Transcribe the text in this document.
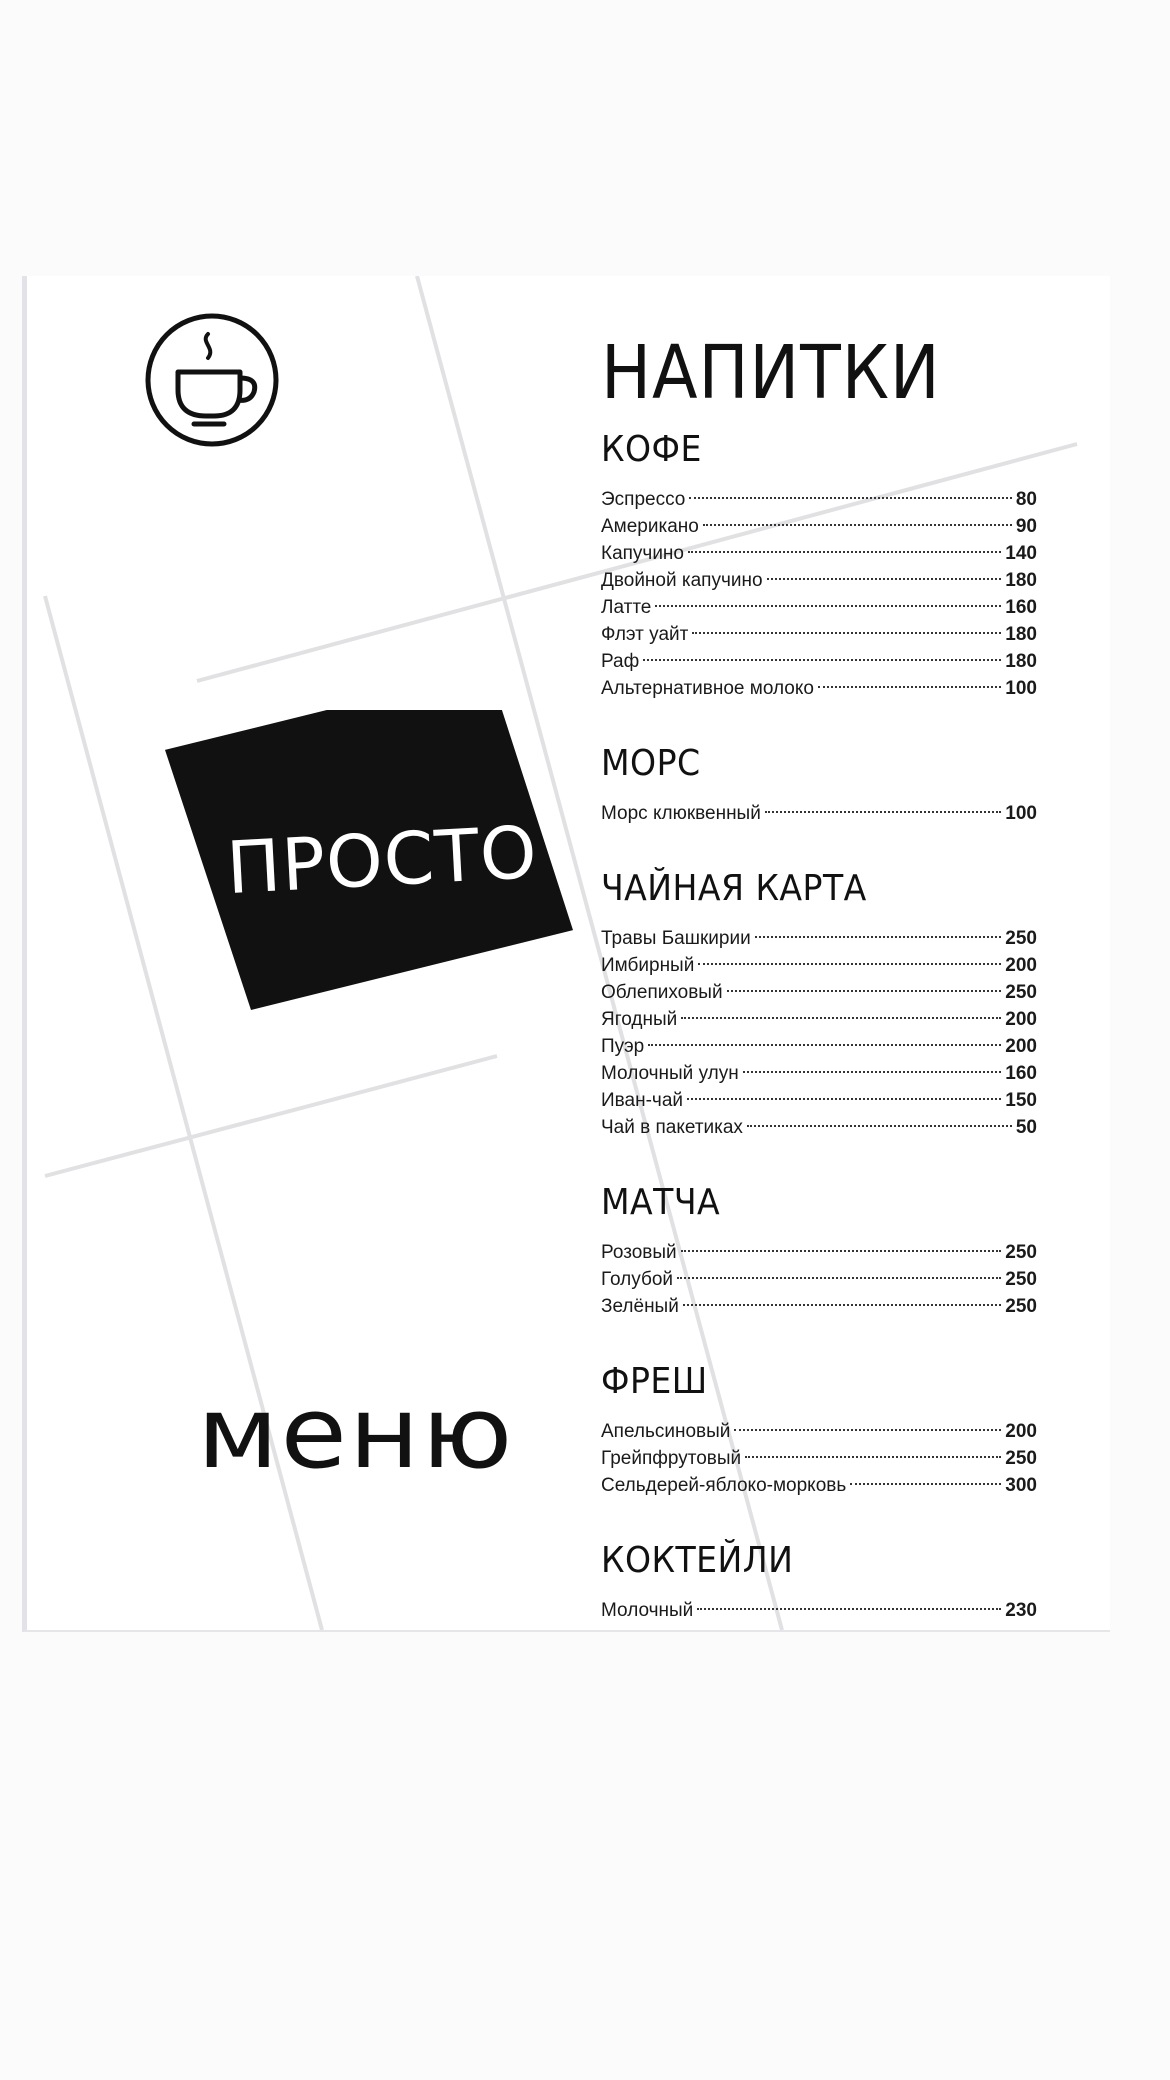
ПРОСТО
меню
НАПИТКИ
КОФЕ
Эспрессо	80
Американо	90
Капучино	140
Двойной капучино	180
Латте	160
Флэт уайт	180
Раф	180
Альтернативное молоко	100
МОРС
Морс клюквенный	100
ЧАЙНАЯ КАРТА
Травы Башкирии	250
Имбирный	200
Облепиховый	250
Ягодный	200
Пуэр	200
Молочный улун	160
Иван-чай	150
Чай в пакетиках	50
МАТЧА
Розовый	250
Голубой	250
Зелёный	250
ФРЕШ
Апельсиновый	200
Грейпфрутовый	250
Сельдерей-яблоко-морковь	300
КОКТЕЙЛИ
Молочный	230
